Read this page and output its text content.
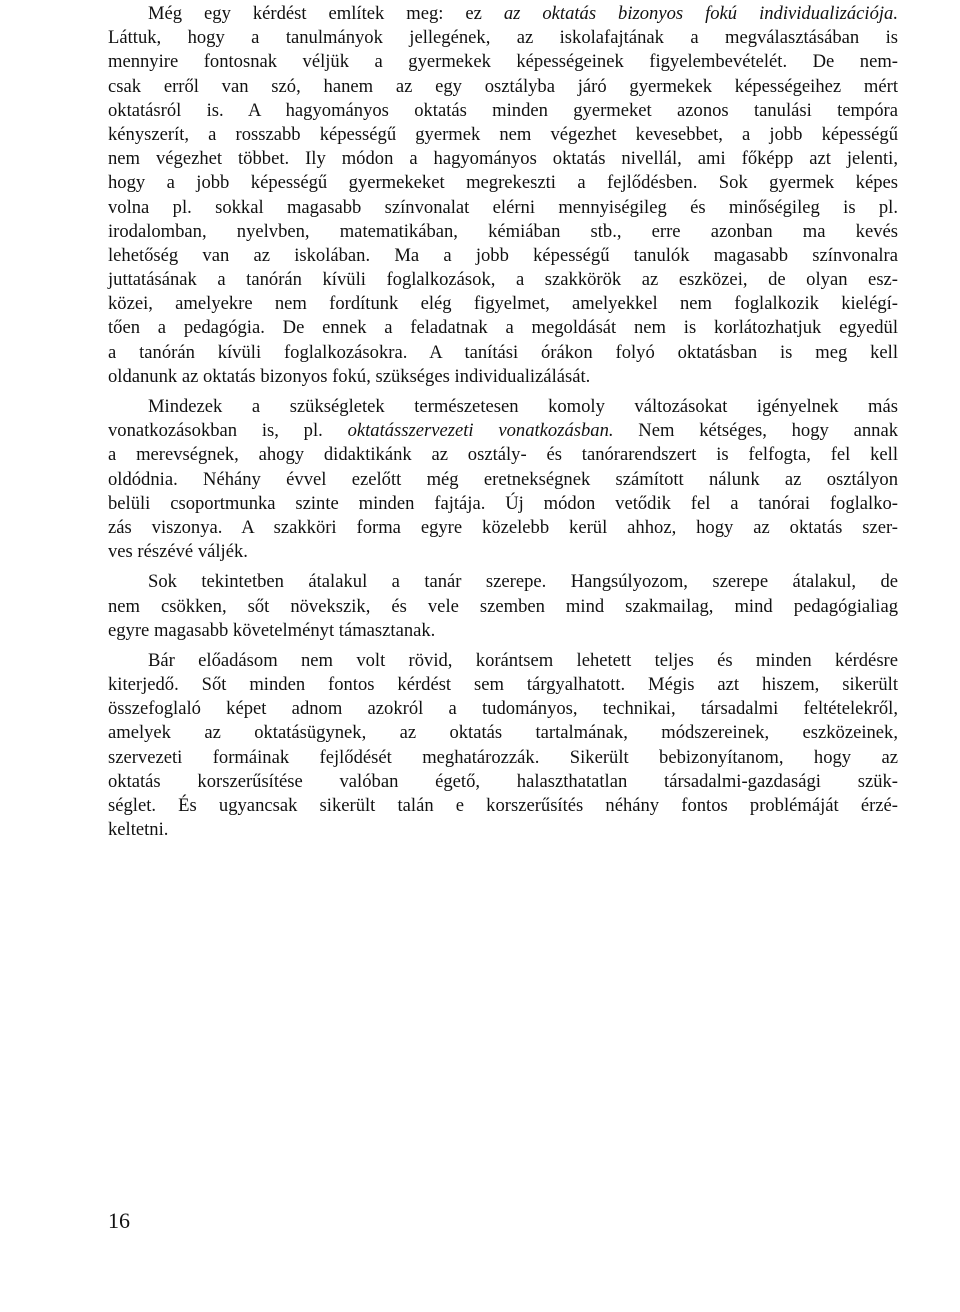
Még egy kérdést említek meg: ez az oktatás bizonyos fokú individualizációja.
Láttuk, hogy a tanulmányok jellegének, az iskolafajtának a megválasztásában is
mennyire fontosnak véljük a gyermekek képességeinek figyelembevételét. De nem-
csak erről van szó, hanem az egy osztályba járó gyermekek képességeihez mért
oktatásról is. A hagyományos oktatás minden gyermeket azonos tanulási tempóra
kényszerít, a rosszabb képességű gyermek nem végezhet kevesebbet, a jobb képességű
nem végezhet többet. Ily módon a hagyományos oktatás nivellál, ami főképp azt jelenti,
hogy a jobb képességű gyermekeket megrekeszti a fejlődésben. Sok gyermek képes
volna pl. sokkal magasabb színvonalat elérni mennyiségileg és minőségileg is pl.
irodalomban, nyelvben, matematikában, kémiában stb., erre azonban ma kevés
lehetőség van az iskolában. Ma a jobb képességű tanulók magasabb színvonalra
juttatásának a tanórán kívüli foglalkozások, a szakkörök az eszközei, de olyan esz-
közei, amelyekre nem fordítunk elég figyelmet, amelyekkel nem foglalkozik kielégí-
tően a pedagógia. De ennek a feladatnak a megoldását nem is korlátozhatjuk egyedül
a tanórán kívüli foglalkozásokra. A tanítási órákon folyó oktatásban is meg kell
oldanunk az oktatás bizonyos fokú, szükséges individualizálását.
Mindezek a szükségletek természetesen komoly változásokat igényelnek más
vonatkozásokban is, pl. oktatásszervezeti vonatkozásban. Nem kétséges, hogy annak
a merevségnek, ahogy didaktikánk az osztály- és tanórarendszert is felfogta, fel kell
oldódnia. Néhány évvel ezelőtt még eretnekségnek számított nálunk az osztályon
belüli csoportmunka szinte minden fajtája. Új módon vetődik fel a tanórai foglalko-
zás viszonya. A szakköri forma egyre közelebb kerül ahhoz, hogy az oktatás szer-
ves részévé váljék.
Sok tekintetben átalakul a tanár szerepe. Hangsúlyozom, szerepe átalakul, de
nem csökken, sőt növekszik, és vele szemben mind szakmailag, mind pedagógialiag
egyre magasabb követelményt támasztanak.
Bár előadásom nem volt rövid, korántsem lehetett teljes és minden kérdésre
kiterjedő. Sőt minden fontos kérdést sem tárgyalhatott. Mégis azt hiszem, sikerült
összefoglaló képet adnom azokról a tudományos, technikai, társadalmi feltételekről,
amelyek az oktatásügynek, az oktatás tartalmának, módszereinek, eszközeinek,
szervezeti formáinak fejlődését meghatározzák. Sikerült bebizonyítanom, hogy az
oktatás korszerűsítése valóban égető, halaszthatatlan társadalmi-gazdasági szük-
séglet. És ugyancsak sikerült talán e korszerűsítés néhány fontos problémáját érzé-
keltetni.
16
